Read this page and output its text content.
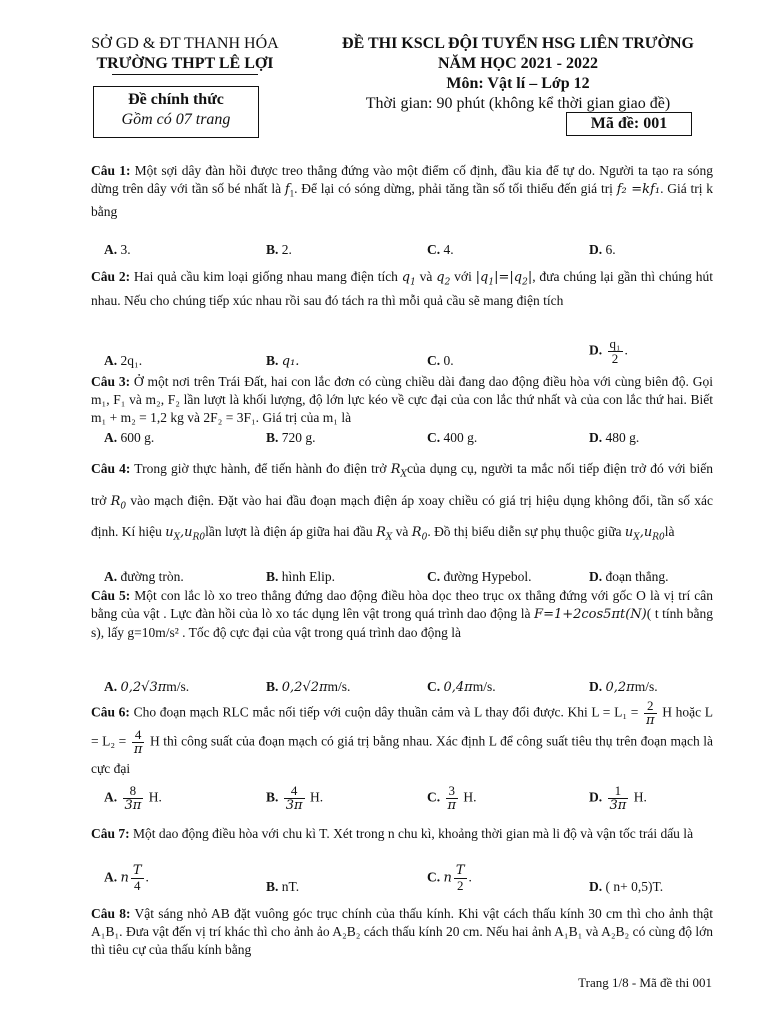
SỞ GD & ĐT THANH HÓA
TRƯỜNG THPT LÊ LỢI
Đề chính thức
Gồm có 07 trang
ĐỀ THI KSCL ĐỘI TUYỂN HSG LIÊN TRƯỜNG
NĂM HỌC 2021 - 2022
Môn: Vật lí – Lớp 12
Thời gian: 90 phút (không kể thời gian giao đề)
Mã đề: 001
Câu 1: Một sợi dây đàn hồi được treo thẳng đứng vào một điểm cố định, đầu kia để tự do. Người ta tạo ra sóng dừng trên dây với tần số bé nhất là $f_1$. Để lại có sóng dừng, phải tăng tần số tối thiểu đến giá trị f₂ =kf₁. Giá trị k bằng
A. 3.	B. 2.	C. 4.	D. 6.
Câu 2: Hai quả cầu kim loại giống nhau mang điện tích $q_1$ và $q_2$ với $|q_1|=|q_2|$, đưa chúng lại gần thì chúng hút nhau. Nếu cho chúng tiếp xúc nhau rồi sau đó tách ra thì mỗi quả cầu sẽ mang điện tích
A. 2q₁.	B. q₁.	C. 0.
D. $\frac{\text{q₁}}{2}$ .
Câu 3: Ở một nơi trên Trái Đất, hai con lắc đơn có cùng chiều dài đang dao động điều hòa với cùng biên độ. Gọi m₁, F₁ và m₂, F₂ lần lượt là khối lượng, độ lớn lực kéo về cực đại của con lắc thứ nhất và của con lắc thứ hai. Biết m₁ + m₂ = 1,2 kg và 2F₂ = 3F₁. Giá trị của m₁ là
A. 600 g.	B. 720 g.	C. 400 g.	D. 480 g.
Câu 4: Trong giờ thực hành, để tiến hành đo điện trở $R_Xcủa$ dụng cụ, người ta mắc nối tiếp điện trở đó với biến trở $R_0$ vào mạch điện. Đặt vào hai đầu đoạn mạch điện áp xoay chiều có giá trị hiệu dụng không đổi, tần số xác định. Kí hiệu $u_X,u_{R0}lần$ lượt là điện áp giữa hai đầu $R_X$ và $R_0$. Đồ thị biểu diễn sự phụ thuộc giữa $u_X,u_{R0}là$
A. đường tròn.	B. hình Elip.	C. đường Hypebol.	D. đoạn thẳng.
Câu 5: Một con lắc lò xo treo thẳng đứng dao động điều hòa dọc theo trục ox thẳng đứng với gốc O là vị trí cân bằng của vật . Lực đàn hồi của lò xo tác dụng lên vật trong quá trình dao động là F=1+2cos5πt(N)( t tính bằng s), lấy g=10m/s² . Tốc độ cực đại của vật trong quá trình dao động là
A. 0,2√3πm/s.	B. 0,2√2πm/s.	C. 0,4πm/s.	D. 0,2πm/s.
Câu 6: Cho đoạn mạch RLC mắc nối tiếp với cuộn dây thuần cảm và L thay đổi được. Khi $L = L_1 = \frac{2}{\pi}$ H hoặc $L = L_2 = \frac{4}{\pi}$ H thì công suất của đoạn mạch có giá trị bằng nhau. Xác định L để công suất tiêu thụ trên đoạn mạch là cực đại
A. $\frac{8}{3\pi} H$.	B. $\frac{4}{3\pi} H$.	C. $\frac{3}{\pi} H$.	D. $\frac{1}{3\pi} H$.
Câu 7: Một dao động điều hòa với chu kì T. Xét trong n chu kì, khoảng thời gian mà li độ và vận tốc trái dấu là
A. n $\frac{T}{4}$ .
B. nT.
C. n $\frac{T}{2}$ .
D. ( n+ 0,5)T.
Câu 8: Vật sáng nhỏ AB đặt vuông góc trục chính của thấu kính. Khi vật cách thấu kính 30 cm thì cho ảnh thật A₁B₁. Đưa vật đến vị trí khác thì cho ảnh ảo A₂B₂ cách thấu kính 20 cm. Nếu hai ảnh A₁B₁ và A₂B₂ có cùng độ lớn thì tiêu cự của thấu kính bằng
Trang 1/8 - Mã đề thi 001
